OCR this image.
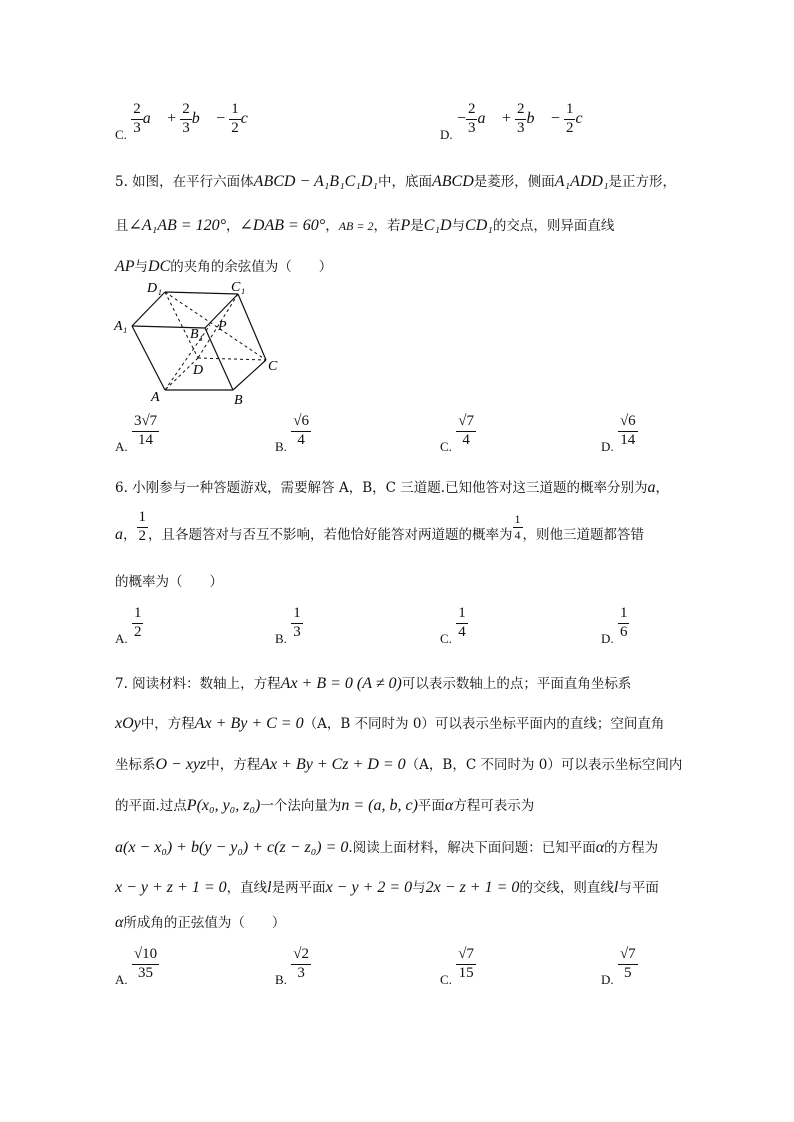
C. $\frac{2}{3}$ a⃗ + $\frac{2}{3}$ b⃗ − $\frac{1}{2}$ c⃗
D. − $\frac{2}{3}$ a⃗ + $\frac{2}{3}$ b⃗ − $\frac{1}{2}$ c⃗
5. 如图，在平行六面体ABCD − A₁B₁C₁D₁中，底面ABCD是菱形，侧面A₁ADD₁是正方形，
且∠A₁AB = 120°，∠DAB = 60°，AB = 2，若P是C₁D与CD₁的交点，则异面直线
AP与DC的夹角的余弦值为（　　）
D₁	C₁
A₁
B₁
P
D	C
A	B
A. $\frac{3√7}{14}$	B. $\frac{√6}{4}$	C. $\frac{√7}{4}$	D. $\frac{√6}{14}$
6. 小刚参与一种答题游戏，需要解答 A，B，C 三道题.已知他答对这三道题的概率分别为a，
a， $\frac{1}{2}$ ，且各题答对与否互不影响，若他恰好能答对两道题的概率为 $\frac{1}{4}$ ，则他三道题都答错
的概率为（　　）
A. $\frac{1}{2}$	B. $\frac{1}{3}$	C. $\frac{1}{4}$	D. $\frac{1}{6}$
7. 阅读材料：数轴上，方程Ax + B = 0 (A ≠ 0)可以表示数轴上的点；平面直角坐标系
xOy中，方程Ax + By + C = 0（A，B 不同时为 0）可以表示坐标平面内的直线；空间直角
坐标系O − xyz中，方程Ax + By + Cz + D = 0（A，B，C 不同时为 0）可以表示坐标空间内
的平面.过点P(x₀, y₀, z₀)一个法向量为n = (a, b, c)平面α方程可表示为
a(x − x₀) + b(y − y₀) + c(z − z₀) = 0.阅读上面材料，解决下面问题：已知平面α的方程为
x − y + z + 1 = 0，直线l是两平面x − y + 2 = 0与2x − z + 1 = 0的交线，则直线l与平面
α所成角的正弦值为（　　）
A. $\frac{√10}{35}$	B. $\frac{√2}{3}$	C. $\frac{√7}{15}$	D. $\frac{√7}{5}$
